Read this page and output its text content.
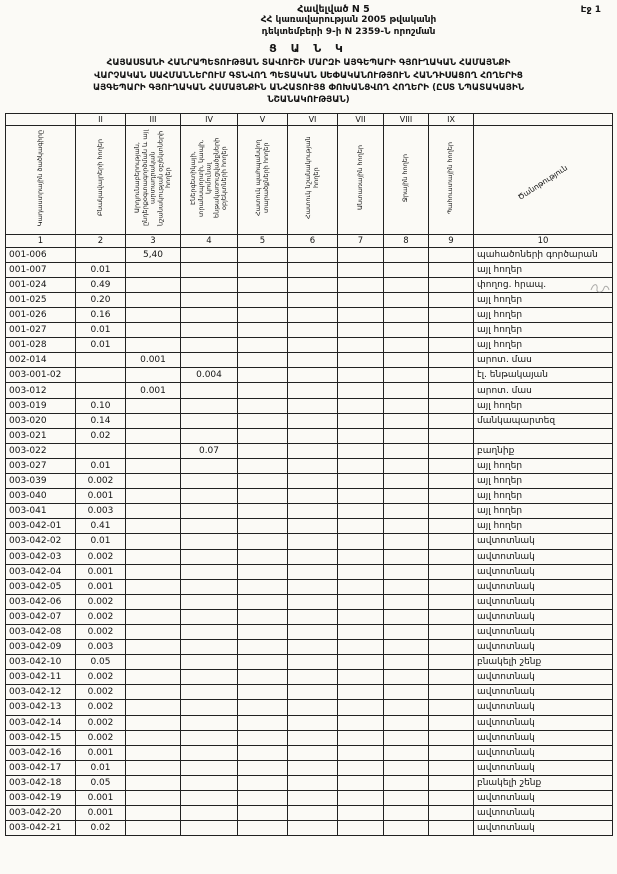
Էջ 1
Հավելված N 5
ՀՀ կառավարության 2005 թվականի
դեկտեմբերի 9-ի N 2359-Ն որոշման
Ց Ա Ն Կ
ՀԱՅԱՍՏԱՆԻ ՀԱՆՐԱՊԵՏՈՒԹՅԱՆ ՏԱՎՈՒՇԻ ՄԱՐԶԻ ԱՅԳԵՊԱՐԻ ԳՅՈՒՂԱԿԱՆ ՀԱՄԱՅՆՔԻ
ՎԱՐՉԱԿԱՆ ՍԱՀՄԱՆՆԵՐՈՒՄ ԳՏՆՎՈՂ ՊԵՏԱԿԱՆ ՍԵՓԱԿԱՆՈՒԹՅՈՒՆ ՀԱՆԴԻՍԱՑՈՂ ՀՈՂԵՐԻՑ
ԱՅԳԵՊԱՐԻ ԳՅՈՒՂԱԿԱՆ ՀԱՄԱՅՆՔԻՆ ԱՆՀԱՏՈՒՅՑ ՓՈԽԱՆՑՎՈՂ ՀՈՂԵՐԻ (ԸՍՏ ՆՊԱՏԱԿԱՅԻՆ
ՆՇԱՆԱԿՈՒԹՅԱՆ)
	II	III	IV	V	VI	VII	VIII	IX	
Կադաստրային ծածկագիրը	Բնակավայրերի հողեր	Արդյունաբերության, ընդերքօգտագործման և այլ արտադրական նշանակության օբյեկտների հողեր	Էներգետիկայի, տրանսպորտի, կապի, կոմունալ ենթակառուցվածքների օբյեկտների հողեր	Հատուկ պահպանվող տարածքների հողեր	Հատուկ նշանակության հողեր	Անտառային հողեր	Ջրային հողեր	Պահուստային հողեր	Ծանոթություն
1	2	3	4	5	6	7	8	9	10
001-006		5,40							պահածոների գործարան
001-007	0.01								այլ հողեր
001-024	0.49								փողոց. հրապ.
001-025	0.20								այլ հողեր
001-026	0.16								այլ հողեր
001-027	0.01								այլ հողեր
001-028	0.01								այլ հողեր
002-014		0.001							արոտ. մաս
003-001-02			0.004						էլ. ենթակայան
003-012		0.001							արոտ. մաս
003-019	0.10								այլ հողեր
003-020	0.14								մանկապարտեզ
003-021	0.02								
003-022			0.07						բաղնիք
003-027	0.01								այլ հողեր
003-039	0.002								այլ հողեր
003-040	0.001								այլ հողեր
003-041	0.003								այլ հողեր
003-042-01	0.41								այլ հողեր
003-042-02	0.01								ավտոտնակ
003-042-03	0.002								ավտոտնակ
003-042-04	0.001								ավտոտնակ
003-042-05	0.001								ավտոտնակ
003-042-06	0.002								ավտոտնակ
003-042-07	0.002								ավտոտնակ
003-042-08	0.002								ավտոտնակ
003-042-09	0.003								ավտոտնակ
003-042-10	0.05								բնակելի շենք
003-042-11	0.002								ավտոտնակ
003-042-12	0.002								ավտոտնակ
003-042-13	0.002								ավտոտնակ
003-042-14	0.002								ավտոտնակ
003-042-15	0.002								ավտոտնակ
003-042-16	0.001								ավտոտնակ
003-042-17	0.01								ավտոտնակ
003-042-18	0.05								բնակելի շենք
003-042-19	0.001								ավտոտնակ
003-042-20	0.001								ավտոտնակ
003-042-21	0.02								ավտոտնակ
